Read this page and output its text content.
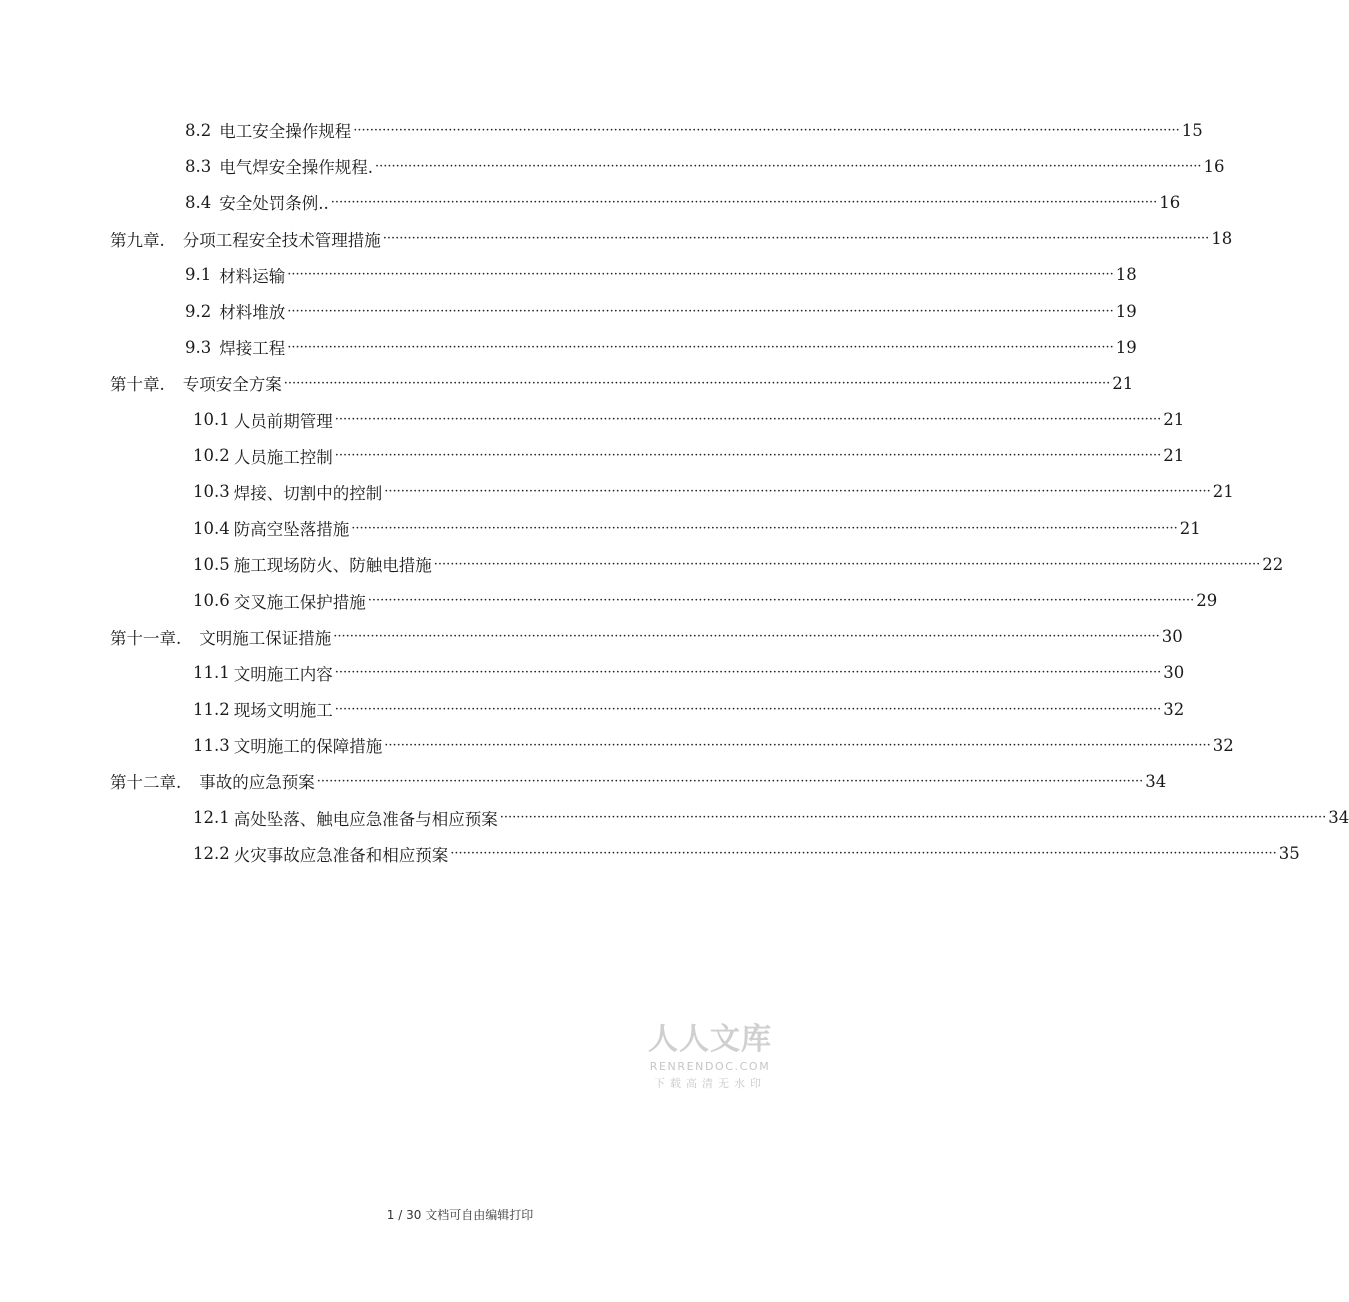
8.2 电工安全操作规程 ········································································································································································································ 15
8.3 电气焊安全操作规程. ········································································································································································································ 16
8.4 安全处罚条例.. ········································································································································································································ 16
第九章. 分项工程安全技术管理措施 ········································································································································································································ 18
9.1 材料运输 ········································································································································································································ 18
9.2 材料堆放 ········································································································································································································ 19
9.3 焊接工程 ········································································································································································································ 19
第十章. 专项安全方案 ········································································································································································································ 21
10.1 人员前期管理 ········································································································································································································ 21
10.2 人员施工控制 ········································································································································································································ 21
10.3 焊接、切割中的控制 ········································································································································································································ 21
10.4 防高空坠落措施 ········································································································································································································ 21
10.5 施工现场防火、防触电措施 ········································································································································································································ 22
10.6 交叉施工保护措施 ········································································································································································································ 29
第十一章. 文明施工保证措施 ········································································································································································································ 30
11.1 文明施工内容 ········································································································································································································ 30
11.2 现场文明施工 ········································································································································································································ 32
11.3 文明施工的保障措施 ········································································································································································································ 32
第十二章. 事故的应急预案 ········································································································································································································ 34
12.1 高处坠落、触电应急准备与相应预案 ········································································································································································································ 34
12.2 火灾事故应急准备和相应预案 ········································································································································································································ 35
人人文库
RENRENDOC.COM
下载高清无水印
1 / 30 文档可自由编辑打印
